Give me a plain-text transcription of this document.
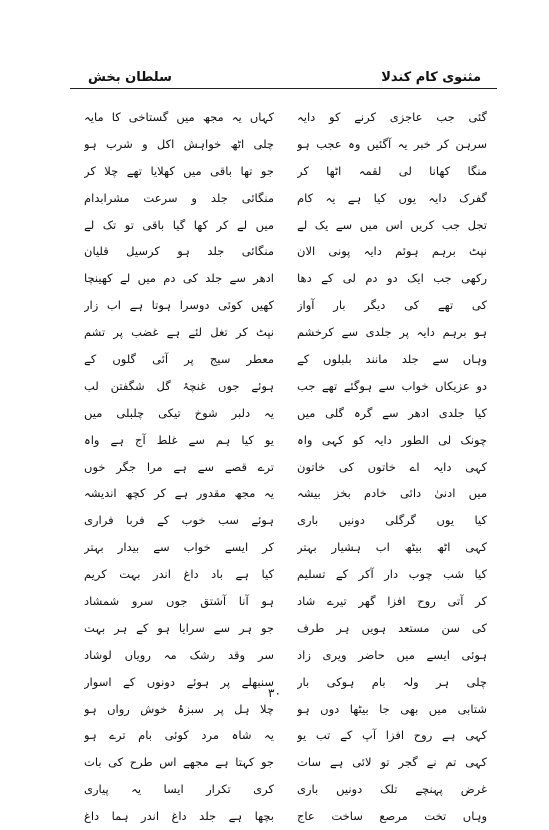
مثنوی کام کندلا
سلطان بخش
گئی جب عاجزی کرنے کو دایہ
سرہن کر خبر یہ آگئیں وہ عجب ہو
منگا کھانا لی لقمہ اٹھا کر
گفرک دایہ یوں کیا ہے یہ کام
تجل جب کریں اس میں سے یک لے
نپٹ برہم ہوئم دایہ پونی الان
رکھی جب ایک دو دم لی کے دھا
کی تھے کی دیگر بار آواز
ہو برہم دایہ پر جلدی سے کرخشم
وہاں سے جلد مانند بلبلوں کے
دو عزیکاں خواب سے ہوگئے تھے جب
کیا جلدی ادھر سے گرہ گلی میں
چونک لی الطور دایہ کو کہی واہ
کہی دایہ اے خاتوں کی خاتون
میں ادنیٰ دائی خادم بخز بیشہ
کیا یوں گرگلی دونیں باری
کہی اٹھ بیٹھ اب ہشیار بہتر
کیا شب چوب دار آکر کے تسلیم
کر آتی روح افزا گھر تیرے شاد
کی سن مستعد ہویں ہر طرف
ہوئی ایسے میں حاضر ویری زاد
چلی ہر ولہ بام ہوکی بار
شتابی میں بھی جا بیٹھا دوں ہو
کہی ہے روح افزا آپ کے تب یو
کہی تم نے گجر تو لائی ہے سات
غرض پہنچے تلک دونیں باری
وہاں تخت مرصع ساخت عاج
کہاں یہ مجھ میں گستاخی کا مایہ
چلی اٹھ خواہش اکل و شرب ہو
جو تھا باقی میں کھلایا تھے چلا کر
منگائی جلد و سرعت مشرابدام
میں لے کر کھا گیا باقی تو تک لے
منگائی جلد ہو کرسیل قلیان
ادھر سے جلد کی دم میں لے کھینچا
کھیں کوئی دوسرا ہوتا ہے اب زار
نپٹ کر تغل لئے ہے غضب پر تشم
معطر سیج پر آئی گلوں کے
ہوئے جوں غنچۂ گل شگفتن لب
یہ دلبر شوخ تیکی چلبلی میں
یو کیا ہم سے غلط آج ہے واہ
ترے قصے سے ہے مرا جگر خوں
یہ مجھ مقدور ہے کر کچھ اندیشہ
ہوئے سب خوب کے فربا فراری
کر ایسے خواب سے بیدار بہتر
کیا ہے باد داغ اندر بہت کریم
ہو آنا آشتق جوں سرو شمشاد
جو ہر سے سرایا ہو کے ہر بہت
سر وقد رشک مہ رویاں لوشاد
سنبھلے پر ہوئے دونوں کے اسوار
چلا ہل پر سبزۂ خوش رواں ہو
یہ شاہ مرد کوئی بام ترے ہو
جو کہتا ہے مجھے اس طرح کی بات
کری تکرار ایسا یہ پیاری
بچھا ہے جلد داغ اندر ہما داغ
۳۰
